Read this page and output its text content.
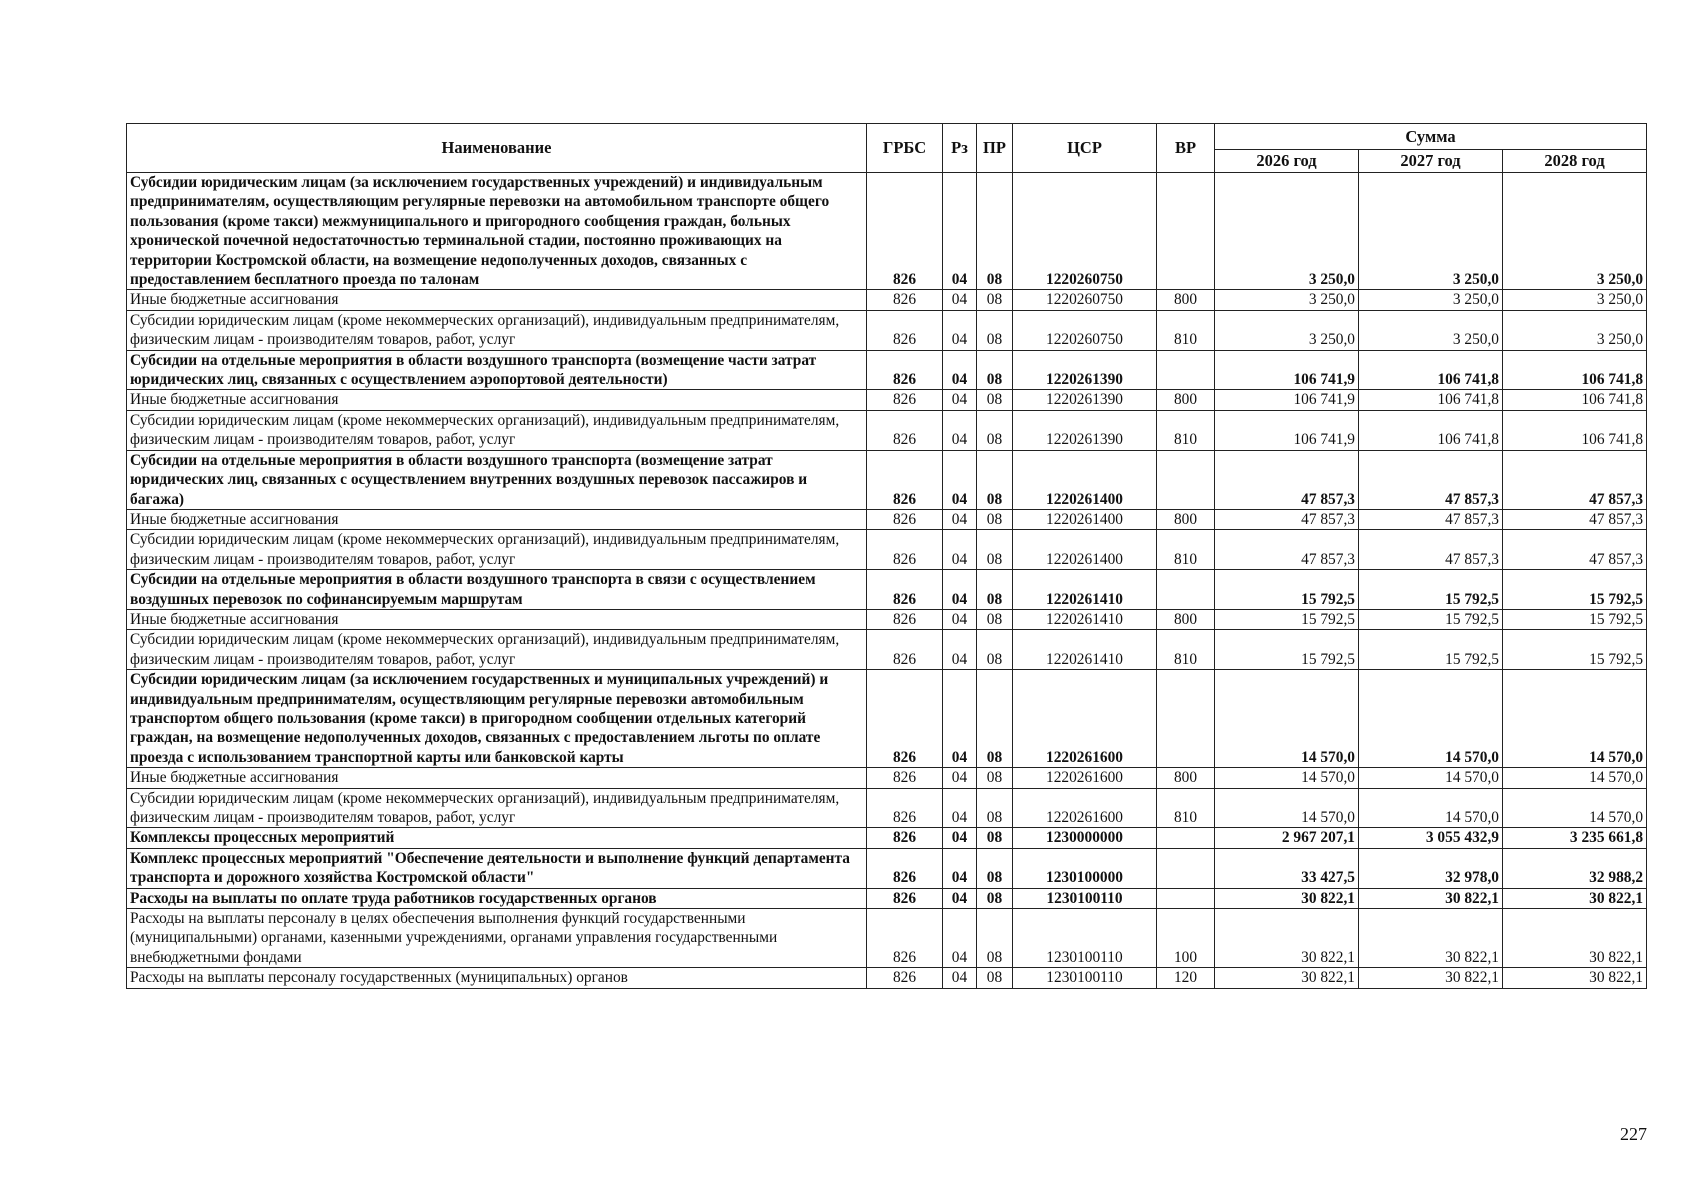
Наименование	ГРБС	Рз	ПР	ЦСР	ВР	Сумма		
						2026 год	2027 год	2028 год
Субсидии юридическим лицам (за исключением государственных учреждений) и индивидуальным предпринимателям, осуществляющим регулярные перевозки на автомобильном транспорте общего пользования (кроме такси) межмуниципального и пригородного сообщения граждан, больных хронической почечной недостаточностью терминальной стадии, постоянно проживающих на территории Костромской области, на возмещение недополученных доходов, связанных с предоставлением бесплатного проезда по талонам	826	04	08	1220260750		3 250,0	3 250,0	3 250,0
Иные бюджетные ассигнования	826	04	08	1220260750	800	3 250,0	3 250,0	3 250,0
Субсидии юридическим лицам (кроме некоммерческих организаций), индивидуальным предпринимателям, физическим лицам - производителям товаров, работ, услуг	826	04	08	1220260750	810	3 250,0	3 250,0	3 250,0
Субсидии на отдельные мероприятия в области воздушного транспорта (возмещение части затрат юридических лиц, связанных с осуществлением аэропортовой деятельности)	826	04	08	1220261390		106 741,9	106 741,8	106 741,8
Иные бюджетные ассигнования	826	04	08	1220261390	800	106 741,9	106 741,8	106 741,8
Субсидии юридическим лицам (кроме некоммерческих организаций), индивидуальным предпринимателям, физическим лицам - производителям товаров, работ, услуг	826	04	08	1220261390	810	106 741,9	106 741,8	106 741,8
Субсидии на отдельные мероприятия в области воздушного транспорта (возмещение затрат юридических лиц, связанных с осуществлением внутренних воздушных перевозок пассажиров и багажа)	826	04	08	1220261400		47 857,3	47 857,3	47 857,3
Иные бюджетные ассигнования	826	04	08	1220261400	800	47 857,3	47 857,3	47 857,3
Субсидии юридическим лицам (кроме некоммерческих организаций), индивидуальным предпринимателям, физическим лицам - производителям товаров, работ, услуг	826	04	08	1220261400	810	47 857,3	47 857,3	47 857,3
Субсидии на отдельные мероприятия в области воздушного транспорта в связи с осуществлением воздушных перевозок по софинансируемым маршрутам	826	04	08	1220261410		15 792,5	15 792,5	15 792,5
Иные бюджетные ассигнования	826	04	08	1220261410	800	15 792,5	15 792,5	15 792,5
Субсидии юридическим лицам (кроме некоммерческих организаций), индивидуальным предпринимателям, физическим лицам - производителям товаров, работ, услуг	826	04	08	1220261410	810	15 792,5	15 792,5	15 792,5
Субсидии юридическим лицам (за исключением государственных и муниципальных учреждений) и индивидуальным предпринимателям, осуществляющим регулярные перевозки автомобильным транспортом общего пользования (кроме такси) в пригородном сообщении отдельных категорий граждан, на возмещение недополученных доходов, связанных с предоставлением льготы по оплате проезда с использованием транспортной карты или банковской карты	826	04	08	1220261600		14 570,0	14 570,0	14 570,0
Иные бюджетные ассигнования	826	04	08	1220261600	800	14 570,0	14 570,0	14 570,0
Субсидии юридическим лицам (кроме некоммерческих организаций), индивидуальным предпринимателям, физическим лицам - производителям товаров, работ, услуг	826	04	08	1220261600	810	14 570,0	14 570,0	14 570,0
Комплексы процессных мероприятий	826	04	08	1230000000		2 967 207,1	3 055 432,9	3 235 661,8
Комплекс процессных мероприятий "Обеспечение деятельности и выполнение функций департамента транспорта и дорожного хозяйства Костромской области"	826	04	08	1230100000		33 427,5	32 978,0	32 988,2
Расходы на выплаты по оплате труда работников государственных органов	826	04	08	1230100110		30 822,1	30 822,1	30 822,1
Расходы на выплаты персоналу в целях обеспечения выполнения функций государственными (муниципальными) органами, казенными учреждениями, органами управления государственными внебюджетными фондами	826	04	08	1230100110	100	30 822,1	30 822,1	30 822,1
Расходы на выплаты персоналу государственных (муниципальных) органов	826	04	08	1230100110	120	30 822,1	30 822,1	30 822,1
227
